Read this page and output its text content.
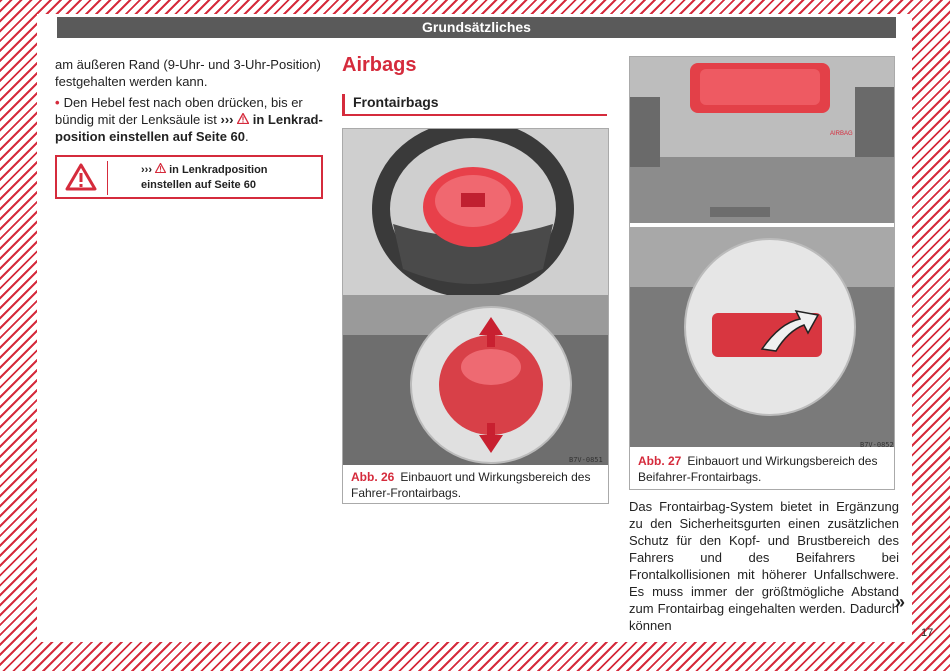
Grundsätzliches

am äußeren Rand (9-Uhr- und 3-Uhr-Position) festgehalten werden kann.

• Den Hebel fest nach oben drücken, bis er bündig mit der Lenksäule ist ››› in Lenkrad-position einstellen auf Seite 60.

››› in Lenkradposition einstellen auf Seite 60
Airbags
Frontairbags
B7V-0851
Abb. 26 Einbauort und Wirkungsbereich des Fahrer-Frontairbags.
AIRBAG
B7V-0852
Abb. 27 Einbauort und Wirkungsbereich des Beifahrer-Frontairbags.
Das Frontairbag-System bietet in Ergänzung zu den Sicherheitsgurten einen zusätzlichen Schutz für den Kopf- und Brustbereich des Fahrers und des Beifahrers bei Frontalkollisionen mit höherer Unfallschwere. Es muss immer der größtmögliche Abstand zum Frontairbag eingehalten werden. Dadurch können
»
17
